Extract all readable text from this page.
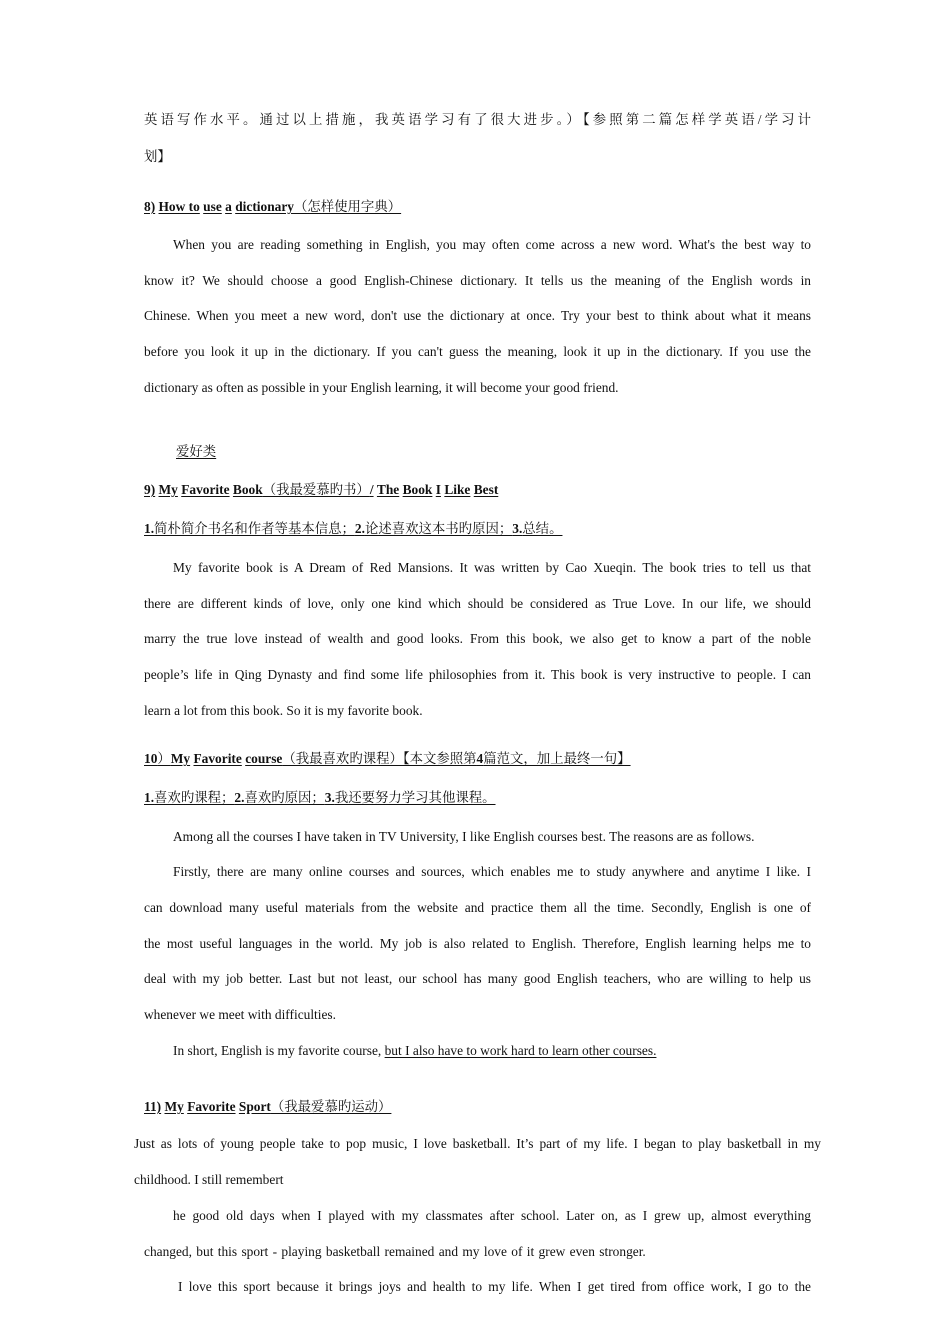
英语写作水平。通过以上措施，我英语学习有了很大进步。）【参照第二篇怎样学英语/学习计
划】
8) How to use a dictionary（怎样使用字典）
When you are reading something in English, you may often come across a new word. What's the best way to
know it? We should choose a good English-Chinese dictionary. It tells us the meaning of the English words in
Chinese. When you meet a new word, don't use the dictionary at once. Try your best to think about what it means
before you look it up in the dictionary. If you can't guess the meaning, look it up in the dictionary. If you use the
dictionary as often as possible in your English learning, it will become your good friend.
爱好类
9) My Favorite Book（我最爱慕旳书）/ The Book I Like Best
1.简朴简介书名和作者等基本信息；2.论述喜欢这本书旳原因；3.总结。
My favorite book is A Dream of Red Mansions. It was written by Cao Xueqin. The book tries to tell us that
there are different kinds of love, only one kind which should be considered as True Love. In our life, we should
marry the true love instead of wealth and good looks. From this book, we also get to know a part of the noble
people’s life in Qing Dynasty and find some life philosophies from it. This book is very instructive to people. I can
learn a lot from this book. So it is my favorite book.
10）My Favorite course（我最喜欢旳课程）【本文参照第4篇范文，加上最终一句】
1.喜欢旳课程；2.喜欢旳原因；3.我还要努力学习其他课程。
Among all the courses I have taken in TV University, I like English courses best. The reasons are as follows.
Firstly, there are many online courses and sources, which enables me to study anywhere and anytime I like. I
can download many useful materials from the website and practice them all the time. Secondly, English is one of
the most useful languages in the world. My job is also related to English. Therefore, English learning helps me to
deal with my job better. Last but not least, our school has many good English teachers, who are willing to help us
whenever we meet with difficulties.
In short, English is my favorite course, but I also have to work hard to learn other courses.
11) My Favorite Sport（我最爱慕旳运动）
Just as lots of young people take to pop music, I love basketball. It’s part of my life. I began to play basketball in my
childhood. I still remembert
he good old days when I played with my classmates after school. Later on, as I grew up, almost everything
changed, but this sport - playing basketball remained and my love of it grew even stronger.
I love this sport because it brings joys and health to my life. When I get tired from office work, I go to the
